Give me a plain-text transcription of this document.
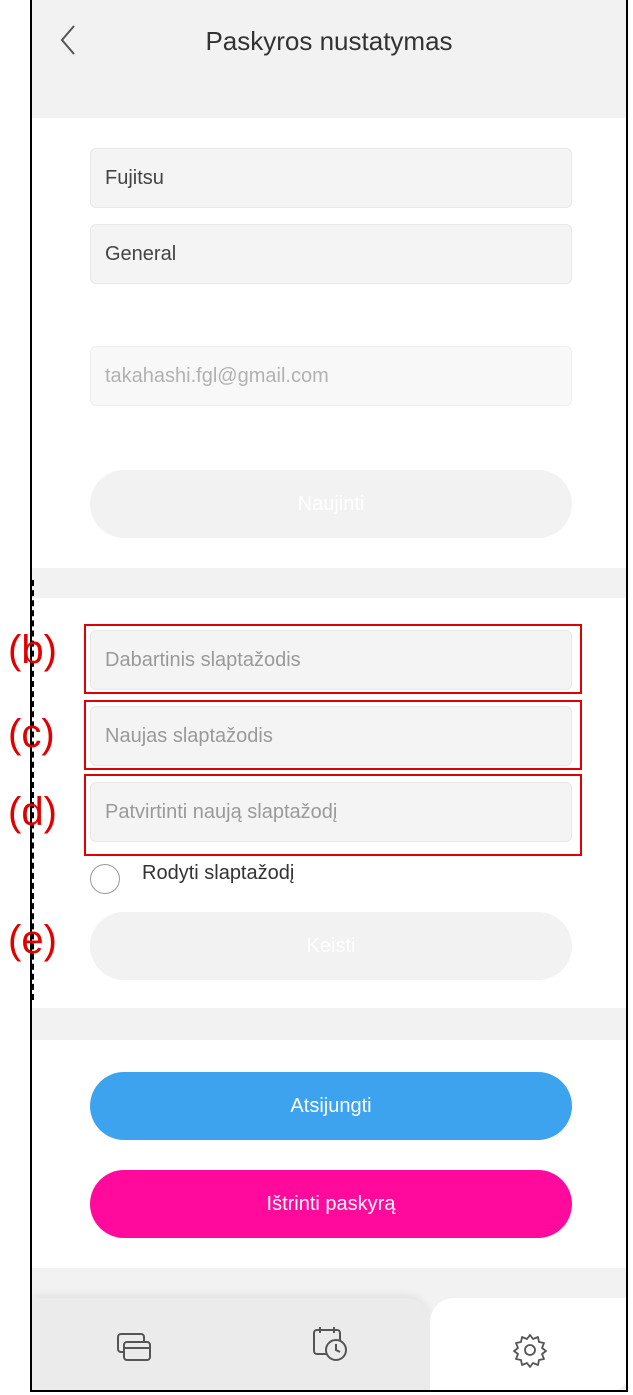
Paskyros nustatymas
Fujitsu
General
takahashi.fgl@gmail.com
Naujinti
Dabartinis slaptažodis
Naujas slaptažodis
Patvirtinti naują slaptažodį
Rodyti slaptažodį
Keisti
Atsijungti
Ištrinti paskyrą
(b)
(c)
(d)
(e)
